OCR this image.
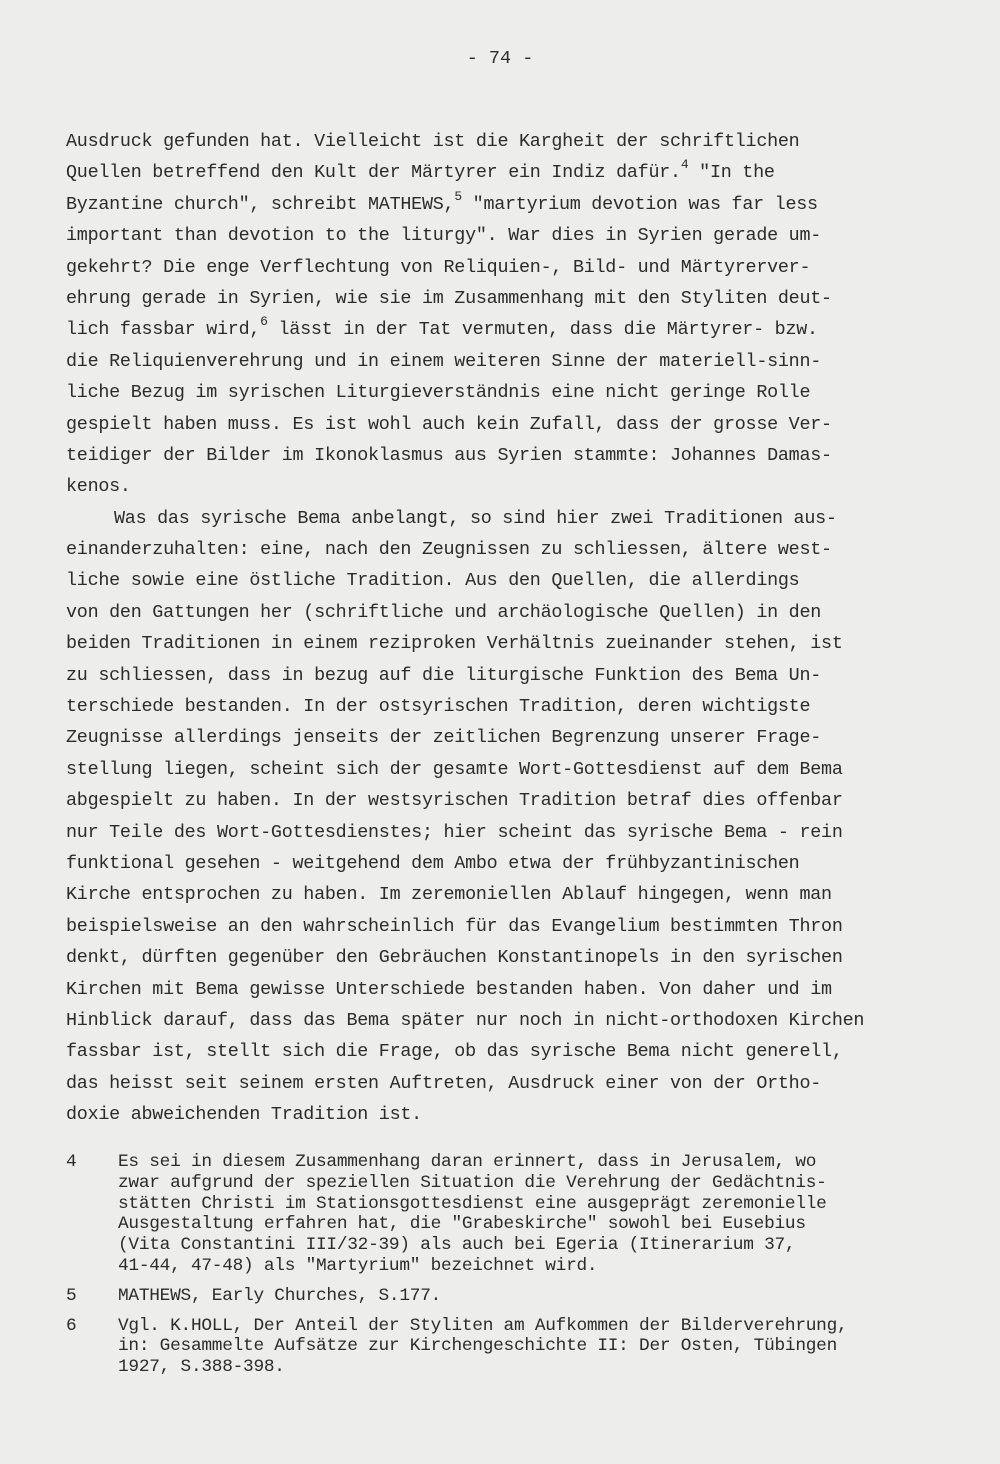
- 74 -
Ausdruck gefunden hat. Vielleicht ist die Kargheit der schriftlichen
Quellen betreffend den Kult der Märtyrer ein Indiz dafür.$^4$ "In the
Byzantine church", schreibt MATHEWS,$^5$ "martyrium devotion was far less
important than devotion to the liturgy". War dies in Syrien gerade um-
gekehrt? Die enge Verflechtung von Reliquien-, Bild- und Märtyrerver-
ehrung gerade in Syrien, wie sie im Zusammenhang mit den Styliten deut-
lich fassbar wird,$^6$ lässt in der Tat vermuten, dass die Märtyrer- bzw.
die Reliquienverehrung und in einem weiteren Sinne der materiell-sinn-
liche Bezug im syrischen Liturgieverständnis eine nicht geringe Rolle
gespielt haben muss. Es ist wohl auch kein Zufall, dass der grosse Ver-
teidiger der Bilder im Ikonoklasmus aus Syrien stammte: Johannes Damas-
kenos.
Was das syrische Bema anbelangt, so sind hier zwei Traditionen aus-
einanderzuhalten: eine, nach den Zeugnissen zu schliessen, ältere west-
liche sowie eine östliche Tradition. Aus den Quellen, die allerdings
von den Gattungen her (schriftliche und archäologische Quellen) in den
beiden Traditionen in einem reziproken Verhältnis zueinander stehen, ist
zu schliessen, dass in bezug auf die liturgische Funktion des Bema Un-
terschiede bestanden. In der ostsyrischen Tradition, deren wichtigste
Zeugnisse allerdings jenseits der zeitlichen Begrenzung unserer Frage-
stellung liegen, scheint sich der gesamte Wort-Gottesdienst auf dem Bema
abgespielt zu haben. In der westsyrischen Tradition betraf dies offenbar
nur Teile des Wort-Gottesdienstes; hier scheint das syrische Bema - rein
funktional gesehen - weitgehend dem Ambo etwa der frühbyzantinischen
Kirche entsprochen zu haben. Im zeremoniellen Ablauf hingegen, wenn man
beispielsweise an den wahrscheinlich für das Evangelium bestimmten Thron
denkt, dürften gegenüber den Gebräuchen Konstantinopels in den syrischen
Kirchen mit Bema gewisse Unterschiede bestanden haben. Von daher und im
Hinblick darauf, dass das Bema später nur noch in nicht-orthodoxen Kirchen
fassbar ist, stellt sich die Frage, ob das syrische Bema nicht generell,
das heisst seit seinem ersten Auftreten, Ausdruck einer von der Ortho-
doxie abweichenden Tradition ist.
4	Es sei in diesem Zusammenhang daran erinnert, dass in Jerusalem, wo
zwar aufgrund der speziellen Situation die Verehrung der Gedächtnis-
stätten Christi im Stationsgottesdienst eine ausgeprägt zeremonielle
Ausgestaltung erfahren hat, die "Grabeskirche" sowohl bei Eusebius
(Vita Constantini III/32-39) als auch bei Egeria (Itinerarium 37,
41-44, 47-48) als "Martyrium" bezeichnet wird.
5	MATHEWS, Early Churches, S.177.
6	Vgl. K.HOLL, Der Anteil der Styliten am Aufkommen der Bilderverehrung,
in: Gesammelte Aufsätze zur Kirchengeschichte II: Der Osten, Tübingen
1927, S.388-398.
